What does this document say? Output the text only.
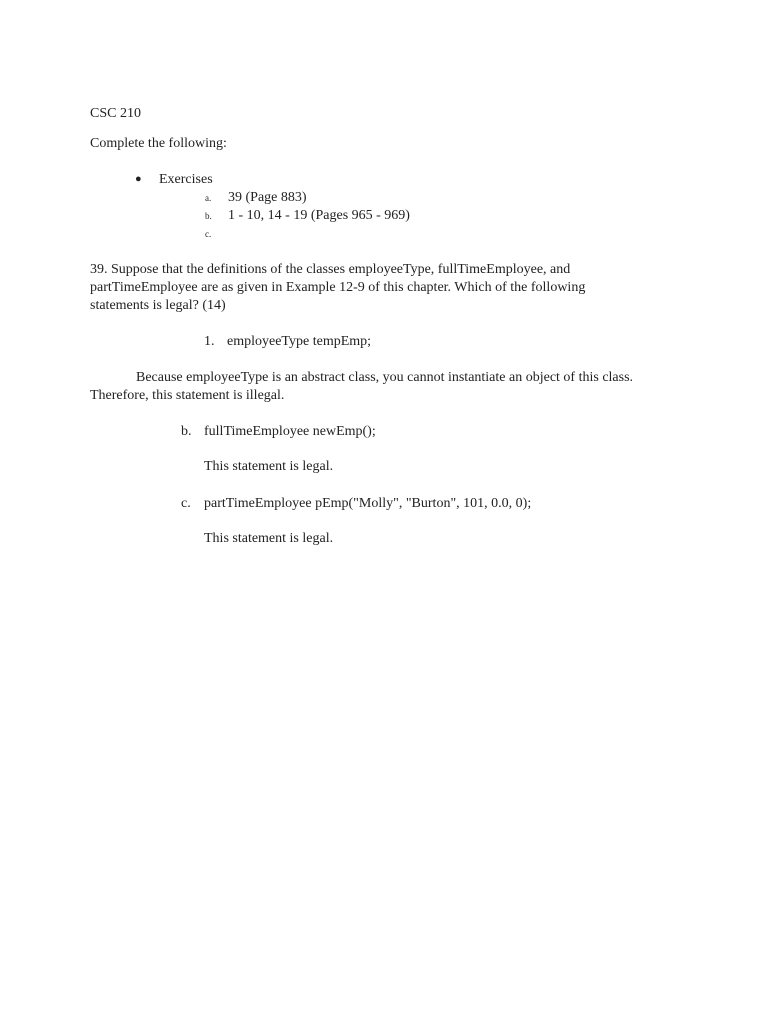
CSC 210
Complete the following:
● Exercises
a. 39 (Page 883)
b. 1 - 10, 14 - 19 (Pages 965 - 969)
c.
39. Suppose that the definitions of the classes employeeType, fullTimeEmployee, and
partTimeEmployee are as given in Example 12-9 of this chapter. Which of the following
statements is legal? (14)
1. employeeType tempEmp;
Because employeeType is an abstract class, you cannot instantiate an object of this class.
Therefore, this statement is illegal.
b. fullTimeEmployee newEmp();
This statement is legal.
c. partTimeEmployee pEmp("Molly", "Burton", 101, 0.0, 0);
This statement is legal.
